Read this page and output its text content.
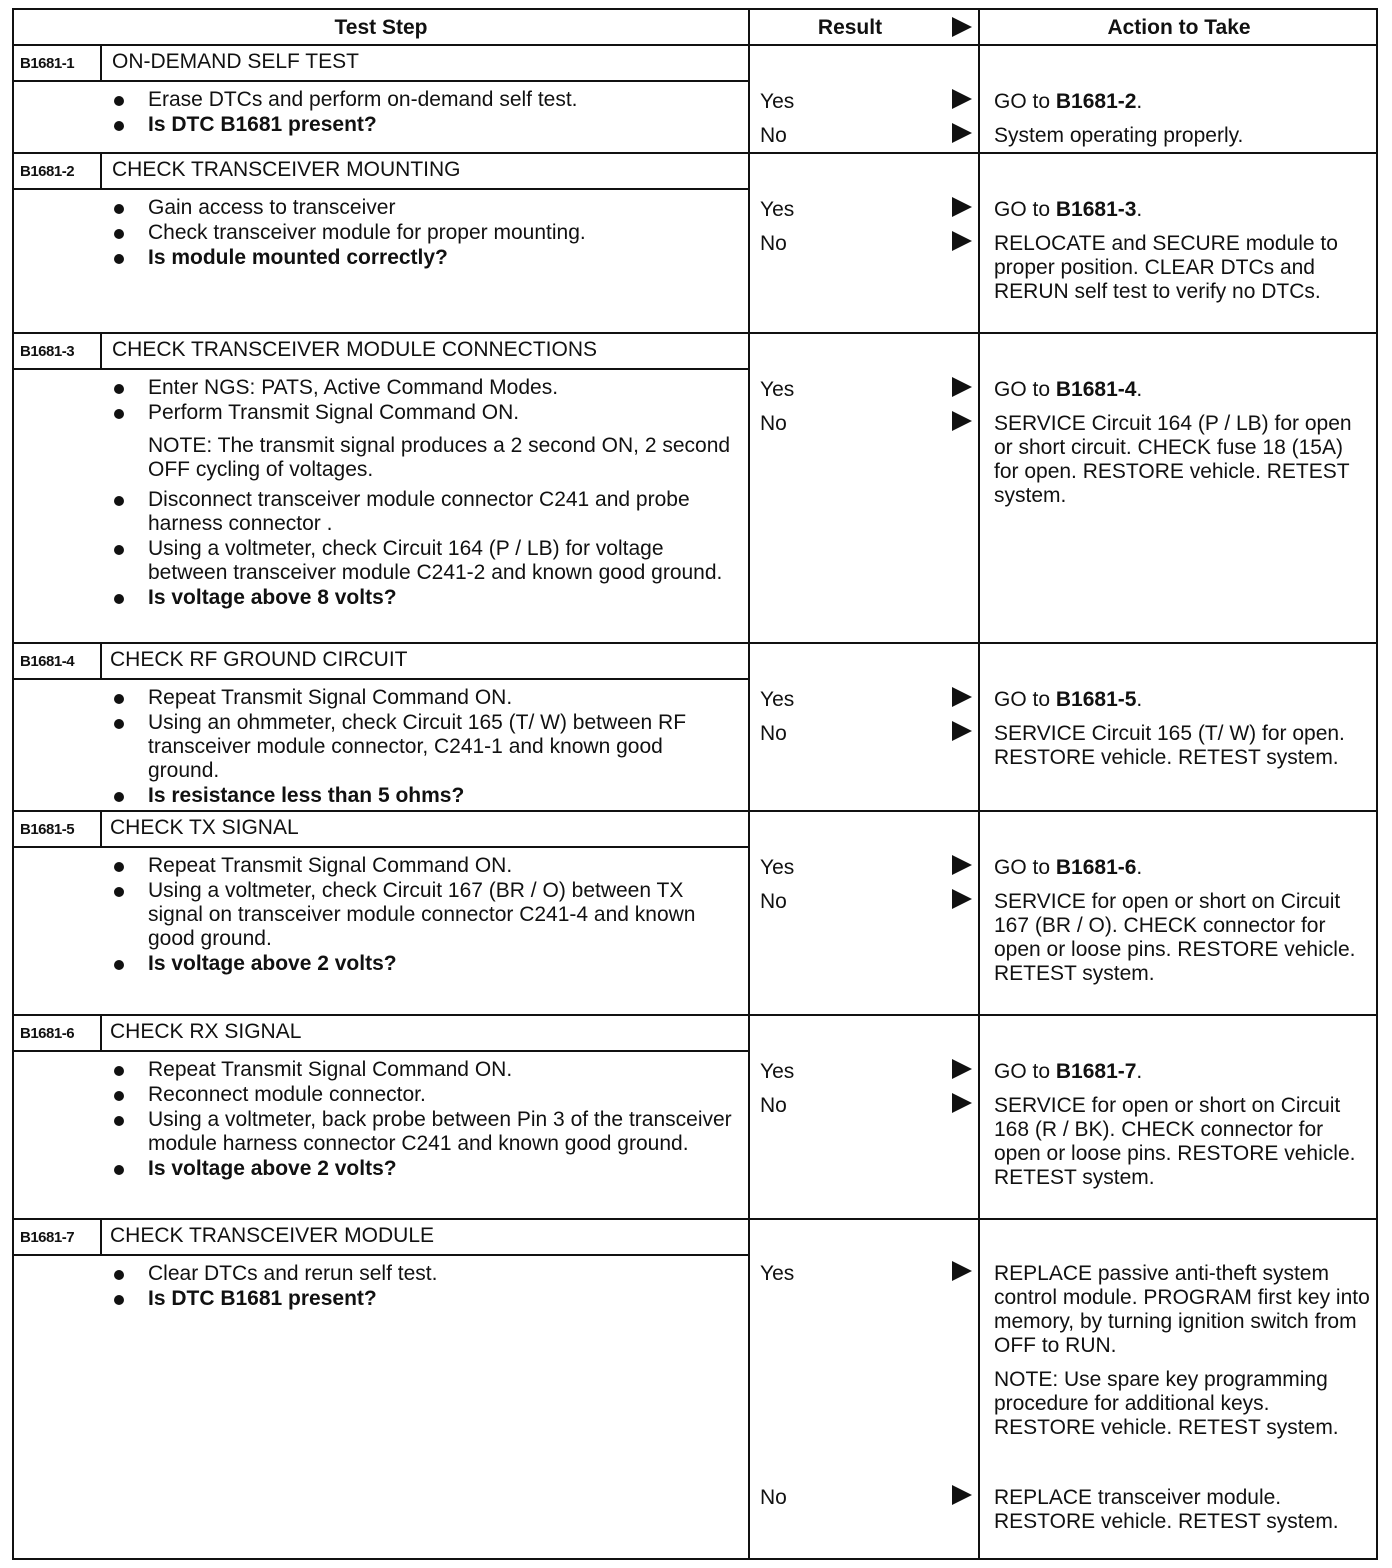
Test Step	Result	Action to Take
B1681-1 ON-DEMAND SELF TEST
Erase DTCs and perform on-demand self test.
Is DTC B1681 present?
Yes	GO to B1681-2.
No	System operating properly.
B1681-2 CHECK TRANSCEIVER MOUNTING
Gain access to transceiver
Check transceiver module for proper mounting.
Is module mounted correctly?
Yes	GO to B1681-3.
No	RELOCATE and SECURE module to proper position. CLEAR DTCs and RERUN self test to verify no DTCs.
B1681-3 CHECK TRANSCEIVER MODULE CONNECTIONS
Enter NGS: PATS, Active Command Modes.
Perform Transmit Signal Command ON.
NOTE: The transmit signal produces a 2 second ON, 2 second OFF cycling of voltages.
Disconnect transceiver module connector C241 and probe harness connector .
Using a voltmeter, check Circuit 164 (P / LB) for voltage between transceiver module C241-2 and known good ground.
Is voltage above 8 volts?
Yes	GO to B1681-4.
No	SERVICE Circuit 164 (P / LB) for open or short circuit. CHECK fuse 18 (15A) for open. RESTORE vehicle. RETEST system.
B1681-4 CHECK RF GROUND CIRCUIT
Repeat Transmit Signal Command ON.
Using an ohmmeter, check Circuit 165 (T/ W) between RF transceiver module connector, C241-1 and known good ground.
Is resistance less than 5 ohms?
Yes	GO to B1681-5.
No	SERVICE Circuit 165 (T/ W) for open. RESTORE vehicle. RETEST system.
B1681-5 CHECK TX SIGNAL
Repeat Transmit Signal Command ON.
Using a voltmeter, check Circuit 167 (BR / O) between TX signal on transceiver module connector C241-4 and known good ground.
Is voltage above 2 volts?
Yes	GO to B1681-6.
No	SERVICE for open or short on Circuit 167 (BR / O). CHECK connector for open or loose pins. RESTORE vehicle. RETEST system.
B1681-6 CHECK RX SIGNAL
Repeat Transmit Signal Command ON.
Reconnect module connector.
Using a voltmeter, back probe between Pin 3 of the transceiver module harness connector C241 and known good ground.
Is voltage above 2 volts?
Yes	GO to B1681-7.
No	SERVICE for open or short on Circuit 168 (R / BK). CHECK connector for open or loose pins. RESTORE vehicle. RETEST system.
B1681-7 CHECK TRANSCEIVER MODULE
Clear DTCs and rerun self test.
Is DTC B1681 present?
Yes	REPLACE passive anti-theft system control module. PROGRAM first key into memory, by turning ignition switch from OFF to RUN.
NOTE: Use spare key programming procedure for additional keys. RESTORE vehicle. RETEST system.
No	REPLACE transceiver module. RESTORE vehicle. RETEST system.
